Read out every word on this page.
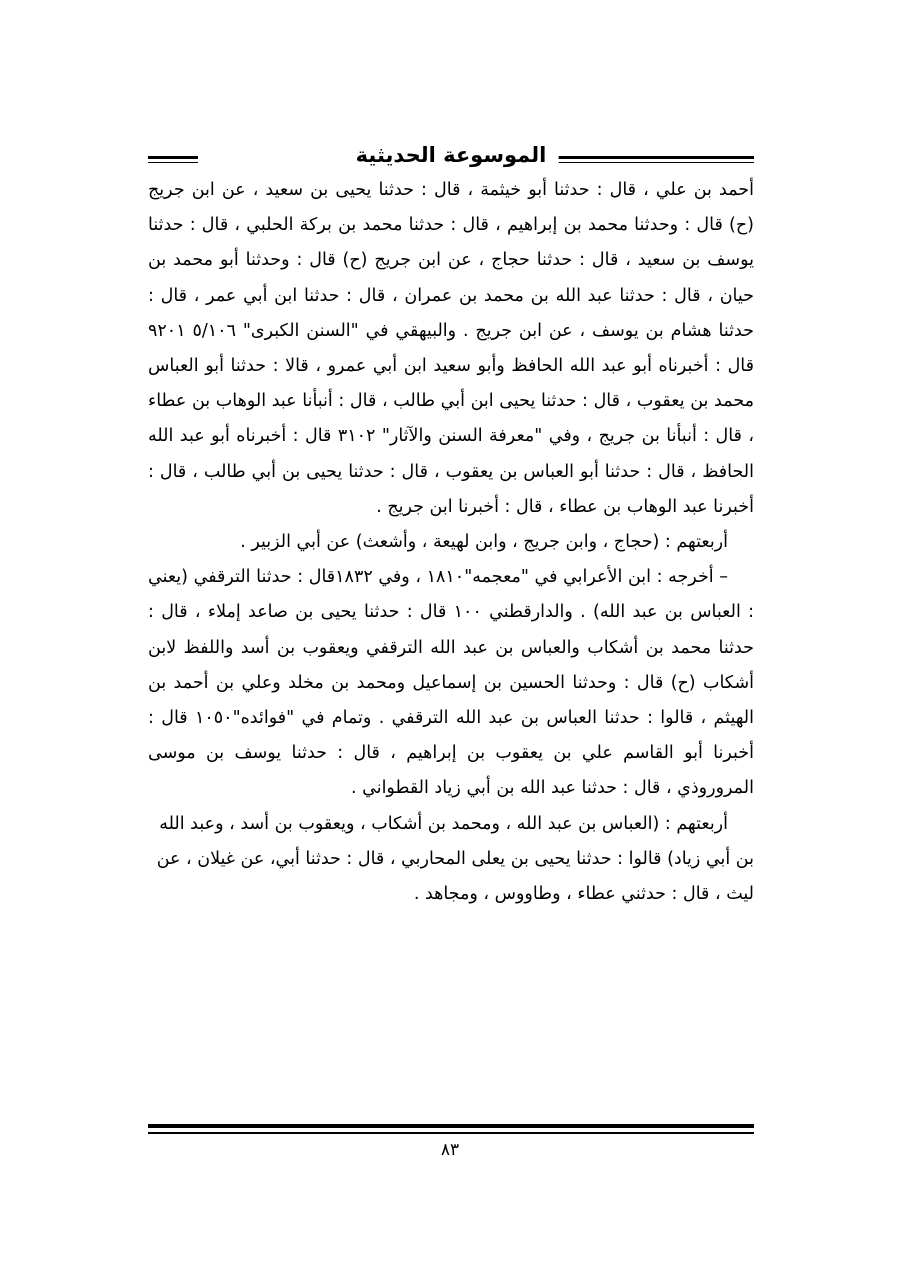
الموسوعة الحديثية

أحمد بن علي ، قال : حدثنا أبو خيثمة ، قال : حدثنا يحيى بن سعيد ، عن ابن جريج (ح) قال : وحدثنا محمد بن إبراهيم ، قال : حدثنا محمد بن بركة الحلبي ، قال : حدثنا يوسف بن سعيد ، قال : حدثنا حجاج ، عن ابن جريج (ح) قال : وحدثنا أبو محمد بن حيان ، قال : حدثنا عبد الله بن محمد بن عمران ، قال : حدثنا ابن أبي عمر ، قال : حدثنا هشام بن يوسف ، عن ابن جريج . والبيهقي في "السنن الكبرى" ٥/١٠٦ ٩٢٠١ قال : أخبرناه أبو عبد الله الحافظ وأبو سعيد ابن أبي عمرو ، قالا : حدثنا أبو العباس محمد بن يعقوب ، قال : حدثنا يحيى ابن أبي طالب ، قال : أنبأنا عبد الوهاب بن عطاء ، قال : أنبأنا بن جريج ، وفي "معرفة السنن والآثار" ٣١٠٢ قال : أخبرناه أبو عبد الله الحافظ ، قال : حدثنا أبو العباس بن يعقوب ، قال : حدثنا يحيى بن أبي طالب ، قال : أخبرنا عبد الوهاب بن عطاء ، قال : أخبرنا ابن جريج .

أربعتهم : (حجاج ، وابن جريج ، وابن لهيعة ، وأشعث) عن أبي الزبير .

– أخرجه : ابن الأعرابي في "معجمه"١٨١٠ ، وفي ١٨٣٢قال : حدثنا الترقفي (يعني : العباس بن عبد الله) . والدارقطني ١٠٠ قال : حدثنا يحيى بن صاعد إملاء ، قال : حدثنا محمد بن أشكاب والعباس بن عبد الله الترقفي ويعقوب بن أسد واللفظ لابن أشكاب (ح) قال : وحدثنا الحسين بن إسماعيل ومحمد بن مخلد وعلي بن أحمد بن الهيثم ، قالوا : حدثنا العباس بن عبد الله الترقفي . وتمام في "فوائده"١٠٥٠ قال : أخبرنا أبو القاسم علي بن يعقوب بن إبراهيم ، قال : حدثنا يوسف بن موسى المروروذي ، قال : حدثنا عبد الله بن أبي زياد القطواني .

أربعتهم : (العباس بن عبد الله ، ومحمد بن أشكاب ، ويعقوب بن أسد ، وعبد الله بن أبي زياد) قالوا : حدثنا يحيى بن يعلى المحاربي ، قال : حدثنا أبي، عن غيلان ، عن ليث ، قال : حدثني عطاء ، وطاووس ، ومجاهد .

٨٣
